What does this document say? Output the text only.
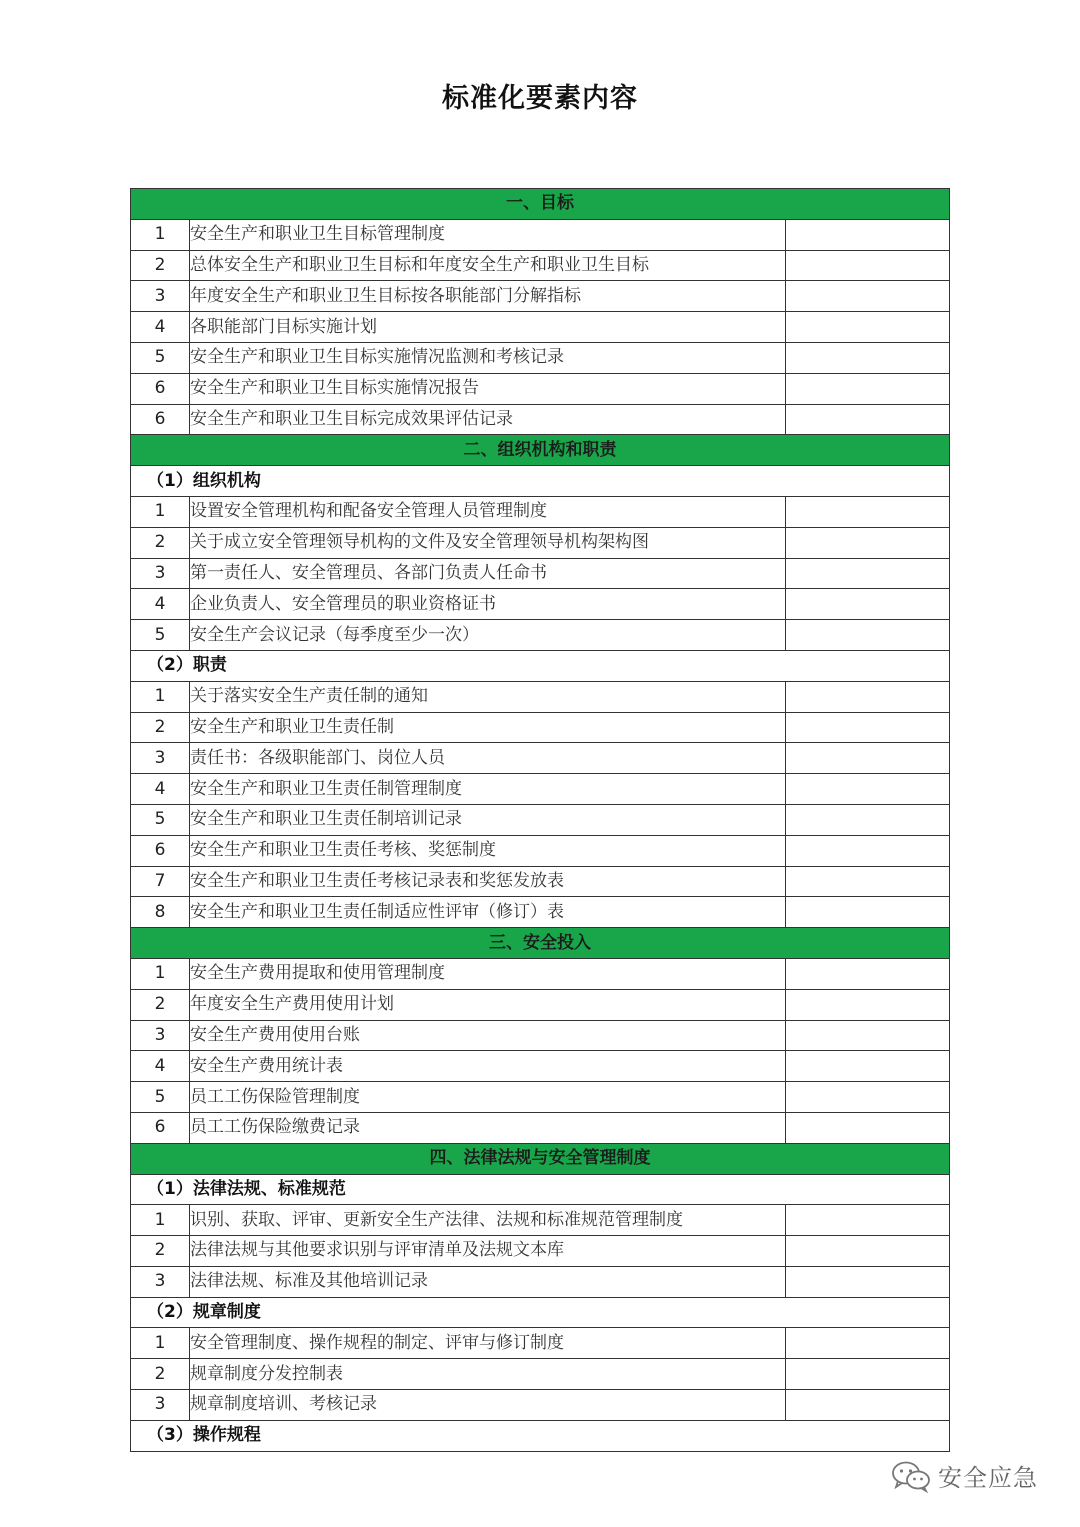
标准化要素内容
一、目标		
1	安全生产和职业卫生目标管理制度	
2	总体安全生产和职业卫生目标和年度安全生产和职业卫生目标	
3	年度安全生产和职业卫生目标按各职能部门分解指标	
4	各职能部门目标实施计划	
5	安全生产和职业卫生目标实施情况监测和考核记录	
6	安全生产和职业卫生目标实施情况报告	
6	安全生产和职业卫生目标完成效果评估记录	
二、组织机构和职责		
（1）组织机构		
1	设置安全管理机构和配备安全管理人员管理制度	
2	关于成立安全管理领导机构的文件及安全管理领导机构架构图	
3	第一责任人、安全管理员、各部门负责人任命书	
4	企业负责人、安全管理员的职业资格证书	
5	安全生产会议记录（每季度至少一次）	
（2）职责		
1	关于落实安全生产责任制的通知	
2	安全生产和职业卫生责任制	
3	责任书：各级职能部门、岗位人员	
4	安全生产和职业卫生责任制管理制度	
5	安全生产和职业卫生责任制培训记录	
6	安全生产和职业卫生责任考核、奖惩制度	
7	安全生产和职业卫生责任考核记录表和奖惩发放表	
8	安全生产和职业卫生责任制适应性评审（修订）表	
三、安全投入		
1	安全生产费用提取和使用管理制度	
2	年度安全生产费用使用计划	
3	安全生产费用使用台账	
4	安全生产费用统计表	
5	员工工伤保险管理制度	
6	员工工伤保险缴费记录	
四、法律法规与安全管理制度		
（1）法律法规、标准规范		
1	识别、获取、评审、更新安全生产法律、法规和标准规范管理制度	
2	法律法规与其他要求识别与评审清单及法规文本库	
3	法律法规、标准及其他培训记录	
（2）规章制度		
1	安全管理制度、操作规程的制定、评审与修订制度	
2	规章制度分发控制表	
3	规章制度培训、考核记录	
（3）操作规程		
安全应急
